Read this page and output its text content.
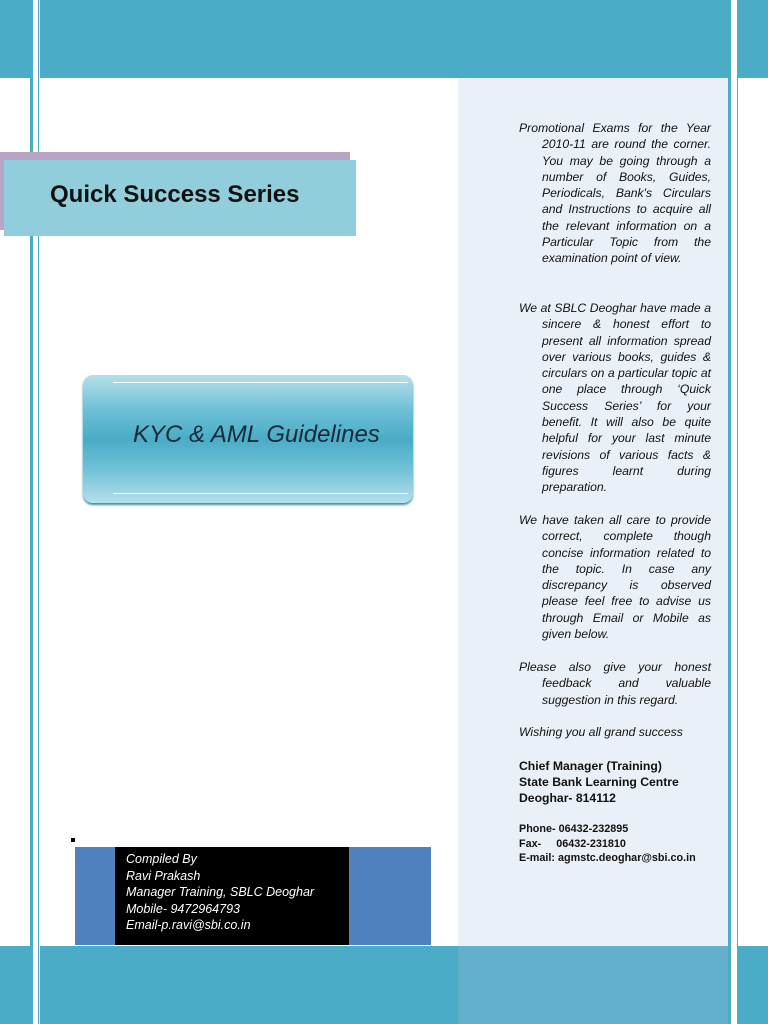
Quick Success Series
KYC & AML Guidelines
Compiled By
Ravi Prakash
Manager Training, SBLC Deoghar
Mobile- 9472964793
Email-p.ravi@sbi.co.in
Promotional Exams for the Year 2010-11 are round the corner. You may be going through a number of Books, Guides, Periodicals, Bank's Circulars and Instructions to acquire all the relevant information on a Particular Topic from the examination point of view.
We at SBLC Deoghar have made a sincere & honest effort to present all information spread over various books, guides & circulars on a particular topic at one place through ‘Quick Success Series’ for your benefit. It will also be quite helpful for your last minute revisions of various facts & figures learnt during preparation.
We have taken all care to provide correct, complete though concise information related to the topic. In case any discrepancy is observed please feel free to advise us through Email or Mobile as given below.
Please also give your honest feedback and valuable suggestion in this regard.
Wishing you all grand success
Chief Manager (Training)
State Bank Learning Centre
Deoghar- 814112
Phone- 06432-232895
Fax-     06432-231810
E-mail: agmstc.deoghar@sbi.co.in
